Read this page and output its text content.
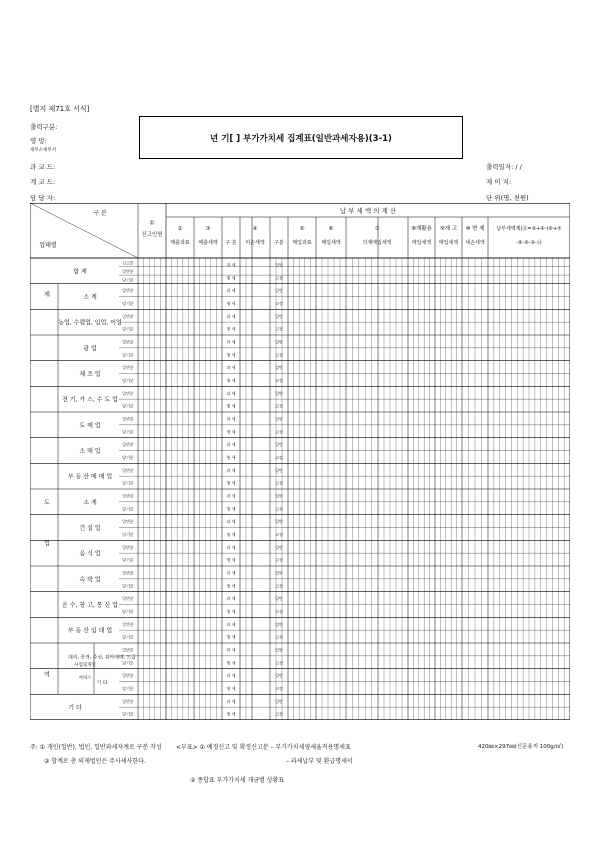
[별지 제71호 서식]
출력구분:
영 망:
세무소세무서
과 코 드:
계 코 드:
담 당 자:
년 기[ ] 부가가치세 집계표(일반과세자용)(3-1)
출력일자: / /
제 이 지:
단 위(명, 천원)
구 분
업태별
①
신고인원
납 부 세 액 의 계 산
②
매출과표
③
매출세액 구 분
④
미손세액 구분
⑤
매입과표
⑥
매입세액
⑦
의제매입세액
⑧재활용
매입세액
⑨재 고
매입세액
⑩ 변 제
대손세액
납부세액계(⑪=③+④-(⑥+⑦
-⑧-⑨-⑩-⑭
합 계
신고분
일반분
당기분
과 세
영 세
일반
고정
소 계
일반분
당기분
과 세
영 세
일반
고정
농업, 수렵업, 임업, 어업
일반분
당기분
과 세
영 세
일반
고정
광 업
일반분
당기분
과 세
영 세
일반
고정
제 조 업
일반분
당기분
과 세
영 세
일반
고정
전 기, 가 스, 수 도 업
일반분
당기분
과 세
영 세
일반
고정
도 매 업
일반분
당기분
과 세
영 세
일반
고정
소 매 업
일반분
당기분
과 세
영 세
일반
고정
부 동 산 매 매 업
일반분
당기분
과 세
영 세
일반
고정
소 계
일반분
당기분
과 세
영 세
일반
고정
건 설 업
일반분
당기분
과 세
영 세
일반
고정
음 식 업
일반분
당기분
과 세
영 세
일반
고정
숙 박 업
일반분
당기분
과 세
영 세
일반
고정
운 수, 창 고, 통 신 업
일반분
당기분
과 세
영 세
일반
고정
부 동 산 임 대 업
일반분
당기분
과 세
영 세
일반
고정
대리, 중개, 주선, 위탁매매, 도급
일반분
당기분
과 세
영 세
일반
고정
기 타
일반분
당기분
과 세
영 세
일반
고정
기 타
일반분
당기분
과 세
영 세
일반
고정
제
도
업
역
사업및개인
서비스
주: ① 개인(일반), 법인, 일반과세자계로 구분 작성
② 합계로 총 의제법인은 주사세사한다.
<부표> ① 예정신고 및 확정신고분 – 부가가치세영세율적용명세표
– 과세납부 및 환급명세서
② 종합표 부가가치세 개금별 상황표
420㎜×297㎜(신문용지 100g/㎡)
